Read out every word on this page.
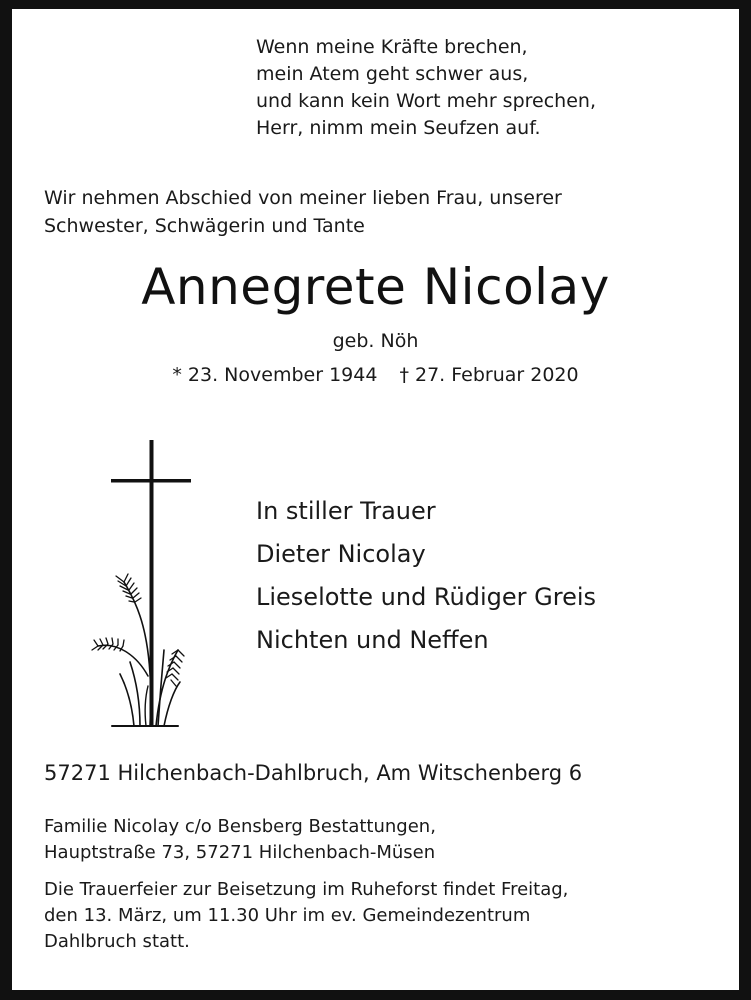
Wenn meine Kräfte brechen,
mein Atem geht schwer aus,
und kann kein Wort mehr sprechen,
Herr, nimm mein Seufzen auf.
Wir nehmen Abschied von meiner lieben Frau, unserer
Schwester, Schwägerin und Tante
Annegrete Nicolay
geb. Nöh
* 23. November 1944 † 27. Februar 2020
In stiller Trauer
Dieter Nicolay
Lieselotte und Rüdiger Greis
Nichten und Neffen
57271 Hilchenbach-Dahlbruch, Am Witschenberg 6
Familie Nicolay c/o Bensberg Bestattungen,
Hauptstraße 73, 57271 Hilchenbach-Müsen
Die Trauerfeier zur Beisetzung im Ruheforst findet Freitag,
den 13. März, um 11.30 Uhr im ev. Gemeindezentrum
Dahlbruch statt.
